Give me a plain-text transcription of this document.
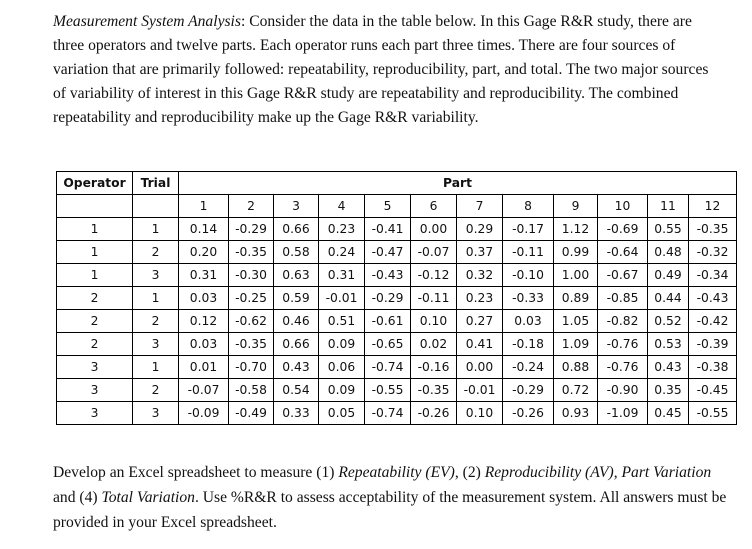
Measurement System Analysis: Consider the data in the table below. In this Gage R&R study, there are three operators and twelve parts. Each operator runs each part three times. There are four sources of variation that are primarily followed: repeatability, reproducibility, part, and total. The two major sources of variability of interest in this Gage R&R study are repeatability and reproducibility. The combined repeatability and reproducibility make up the Gage R&R variability.

Operator	Trial	Part											
		1	2	3	4	5	6	7	8	9	10	11	12
1	1	0.14	-0.29	0.66	0.23	-0.41	0.00	0.29	-0.17	1.12	-0.69	0.55	-0.35
1	2	0.20	-0.35	0.58	0.24	-0.47	-0.07	0.37	-0.11	0.99	-0.64	0.48	-0.32
1	3	0.31	-0.30	0.63	0.31	-0.43	-0.12	0.32	-0.10	1.00	-0.67	0.49	-0.34
2	1	0.03	-0.25	0.59	-0.01	-0.29	-0.11	0.23	-0.33	0.89	-0.85	0.44	-0.43
2	2	0.12	-0.62	0.46	0.51	-0.61	0.10	0.27	0.03	1.05	-0.82	0.52	-0.42
2	3	0.03	-0.35	0.66	0.09	-0.65	0.02	0.41	-0.18	1.09	-0.76	0.53	-0.39
3	1	0.01	-0.70	0.43	0.06	-0.74	-0.16	0.00	-0.24	0.88	-0.76	0.43	-0.38
3	2	-0.07	-0.58	0.54	0.09	-0.55	-0.35	-0.01	-0.29	0.72	-0.90	0.35	-0.45
3	3	-0.09	-0.49	0.33	0.05	-0.74	-0.26	0.10	-0.26	0.93	-1.09	0.45	-0.55

Develop an Excel spreadsheet to measure (1) Repeatability (EV), (2) Reproducibility (AV), Part Variation and (4) Total Variation. Use %R&R to assess acceptability of the measurement system. All answers must be provided in your Excel spreadsheet.
